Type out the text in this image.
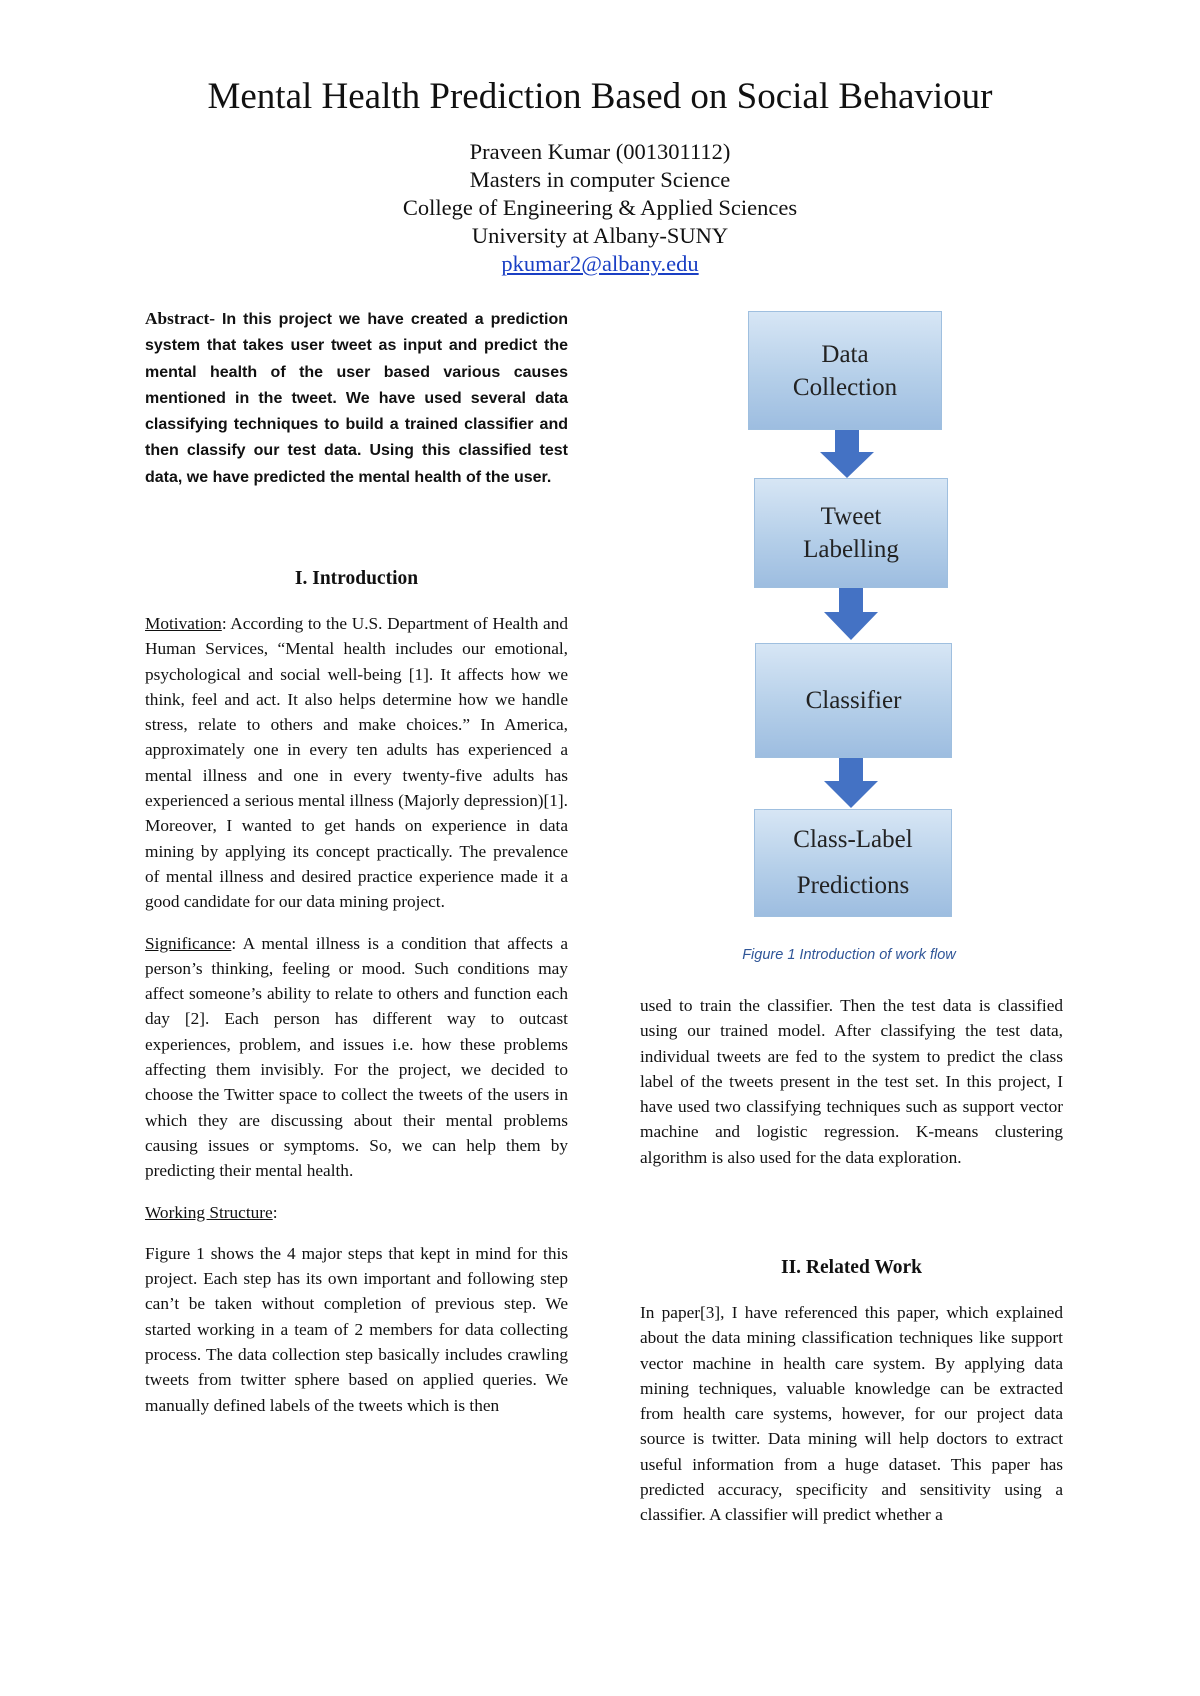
Mental Health Prediction Based on Social Behaviour
Praveen Kumar (001301112)
Masters in computer Science
College of Engineering & Applied Sciences
University at Albany-SUNY
pkumar2@albany.edu
Abstract- In this project we have created a prediction system that takes user tweet as input and predict the mental health of the user based various causes mentioned in the tweet. We have used several data classifying techniques to build a trained classifier and then classify our test data. Using this classified test data, we have predicted the mental health of the user.
I. Introduction

Motivation: According to the U.S. Department of Health and Human Services, “Mental health includes our emotional, psychological and social well-being [1]. It affects how we think, feel and act. It also helps determine how we handle stress, relate to others and make choices.” In America, approximately one in every ten adults has experienced a mental illness and one in every twenty-five adults has experienced a serious mental illness (Majorly depression)[1]. Moreover, I wanted to get hands on experience in data mining by applying its concept practically. The prevalence of mental illness and desired practice experience made it a good candidate for our data mining project.

Significance: A mental illness is a condition that affects a person’s thinking, feeling or mood. Such conditions may affect someone’s ability to relate to others and function each day [2]. Each person has different way to outcast experiences, problem, and issues i.e. how these problems affecting them invisibly. For the project, we decided to choose the Twitter space to collect the tweets of the users in which they are discussing about their mental problems causing issues or symptoms. So, we can help them by predicting their mental health.

Working Structure:

Figure 1 shows the 4 major steps that kept in mind for this project. Each step has its own important and following step can’t be taken without completion of previous step. We started working in a team of 2 members for data collecting process. The data collection step basically includes crawling tweets from twitter sphere based on applied queries. We manually defined labels of the tweets which is then

Data
Collection
Tweet
Labelling
Classifier
Class-Label
Predictions
Figure 1 Introduction of work flow
used to train the classifier. Then the test data is classified using our trained model. After classifying the test data, individual tweets are fed to the system to predict the class label of the tweets present in the test set. In this project, I have used two classifying techniques such as support vector machine and logistic regression. K-means clustering algorithm is also used for the data exploration.
II. Related Work
In paper[3], I have referenced this paper, which explained about the data mining classification techniques like support vector machine in health care system. By applying data mining techniques, valuable knowledge can be extracted from health care systems, however, for our project data source is twitter. Data mining will help doctors to extract useful information from a huge dataset. This paper has predicted accuracy, specificity and sensitivity using a classifier. A classifier will predict whether a
